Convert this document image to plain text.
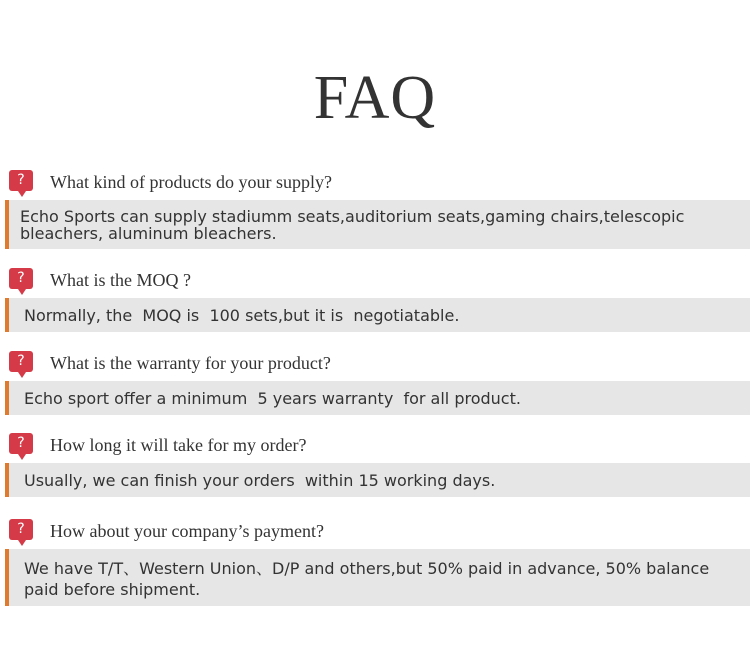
FAQ
?	What kind of products do your supply?
Echo Sports can supply stadiumm seats,auditorium seats,gaming chairs,telescopic bleachers, aluminum bleachers.
?	What is the MOQ ?
Normally, the  MOQ is  100 sets,but it is  negotiatable.
?	What is the warranty for your product?
Echo sport offer a minimum  5 years warranty  for all product.
?	How long it will take for my order?
Usually, we can finish your orders  within 15 working days.
?	How about your company’s payment?
We have T/T、Western Union、D/P and others,but 50% paid in advance, 50% balance paid before shipment.
